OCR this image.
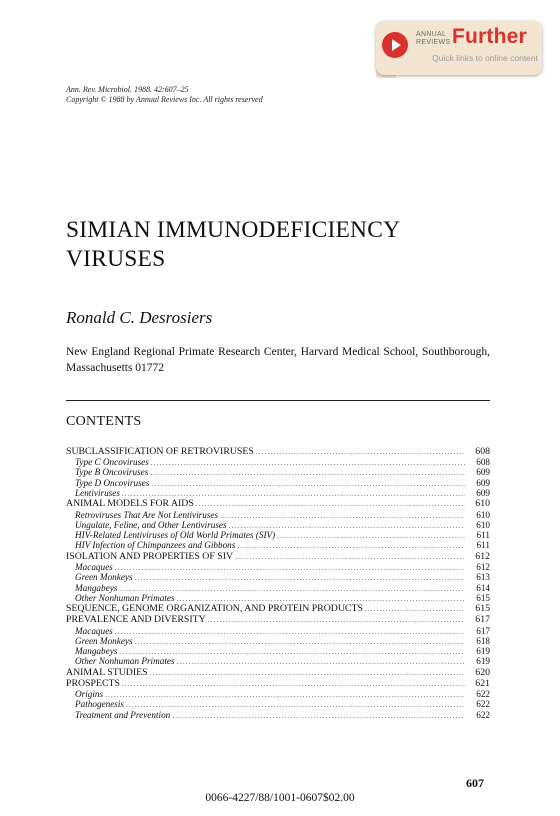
ANNUAL
REVIEWS Further
Quick links to online content
Ann. Rev. Microbiol. 1988. 42:607–25
Copyright © 1988 by Annual Reviews Inc. All rights reserved
SIMIAN IMMUNODEFICIENCY VIRUSES
Ronald C. Desrosiers
New England Regional Primate Research Center, Harvard Medical School, Southborough, Massachusetts 01772
CONTENTS
SUBCLASSIFICATION OF RETROVIRUSES .....	608
Type C Oncoviruses .....	608
Type B Oncoviruses .....	609
Type D Oncoviruses .....	609
Lentiviruses .....	609
ANIMAL MODELS FOR AIDS .....	610
Retroviruses That Are Not Lentiviruses .....	610
Ungulate, Feline, and Other Lentiviruses .....	610
HIV-Related Lentiviruses of Old World Primates (SIV) .....	611
HIV Infection of Chimpanzees and Gibbons .....	611
ISOLATION AND PROPERTIES OF SIV .....	612
Macaques .....	612
Green Monkeys .....	613
Mangabeys .....	614
Other Nonhuman Primates .....	615
SEQUENCE, GENOME ORGANIZATION, AND PROTEIN PRODUCTS .....	615
PREVALENCE AND DIVERSITY .....	617
Macaques .....	617
Green Monkeys .....	618
Mangabeys .....	619
Other Nonhuman Primates .....	619
ANIMAL STUDIES .....	620
PROSPECTS .....	621
Origins .....	622
Pathogenesis .....	622
Treatment and Prevention .....	622
607
0066-4227/88/1001-0607$02.00
